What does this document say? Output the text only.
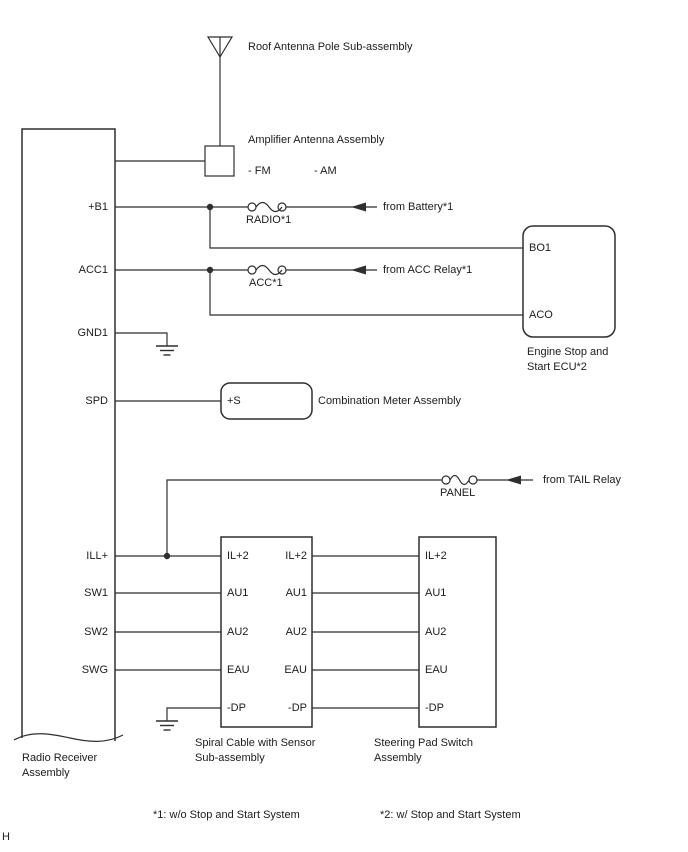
Roof Antenna Pole Sub-assembly
Amplifier Antenna Assembly
- FM	- AM
+B1
ACC1
GND1
SPD
ILL+
SW1
SW2
SWG
RADIO*1
ACC*1
PANEL
from Battery*1
from ACC Relay*1
from TAIL Relay
BO1
ACO
Engine Stop and
Start ECU*2
+S	Combination Meter Assembly
IL+2
AU1
AU2
EAU
-DP
IL+2
AU1
AU2
EAU
-DP
IL+2
AU1
AU2
EAU
-DP
Radio Receiver
Assembly
Spiral Cable with Sensor
Sub-assembly
Steering Pad Switch
Assembly
*1: w/o Stop and Start System	*2: w/ Stop and Start System
H
